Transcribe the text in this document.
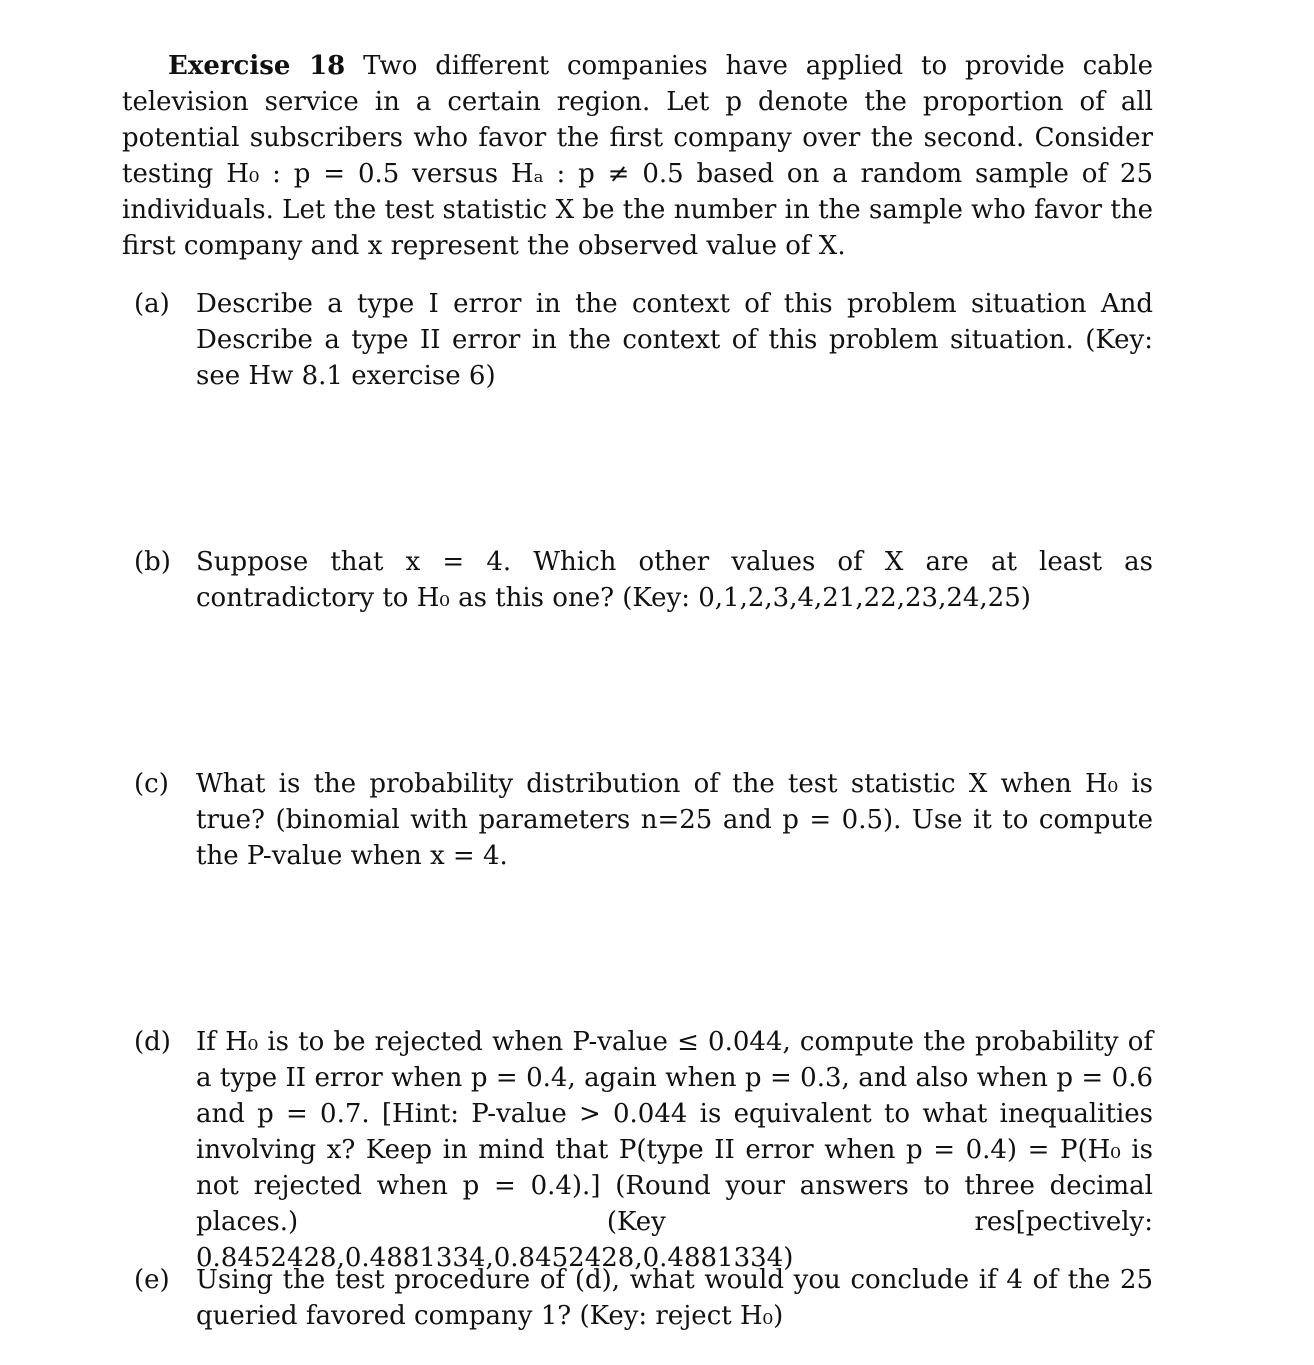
Exercise 18 Two different companies have applied to provide cable television service in a certain region. Let p denote the proportion of all potential subscribers who favor the first company over the second. Consider testing H₀ : p = 0.5 versus Hₐ : p ≠ 0.5 based on a random sample of 25 individuals. Let the test statistic X be the number in the sample who favor the first company and x represent the observed value of X.

(a) Describe a type I error in the context of this problem situation And Describe a type II error in the context of this problem situation. (Key: see Hw 8.1 exercise 6)

(b) Suppose that x = 4. Which other values of X are at least as contradictory to H₀ as this one? (Key: 0,1,2,3,4,21,22,23,24,25)

(c) What is the probability distribution of the test statistic X when H₀ is true? (binomial with parameters n=25 and p = 0.5). Use it to compute the P-value when x = 4.

(d) If H₀ is to be rejected when P-value ≤ 0.044, compute the probability of a type II error when p = 0.4, again when p = 0.3, and also when p = 0.6 and p = 0.7. [Hint: P-value > 0.044 is equivalent to what inequalities involving x? Keep in mind that P(type II error when p = 0.4) = P(H₀ is not rejected when p = 0.4).] (Round your answers to three decimal places.) (Key res[pectively: 0.8452428,0.4881334,0.8452428,0.4881334)

(e) Using the test procedure of (d), what would you conclude if 4 of the 25 queried favored company 1? (Key: reject H₀)
